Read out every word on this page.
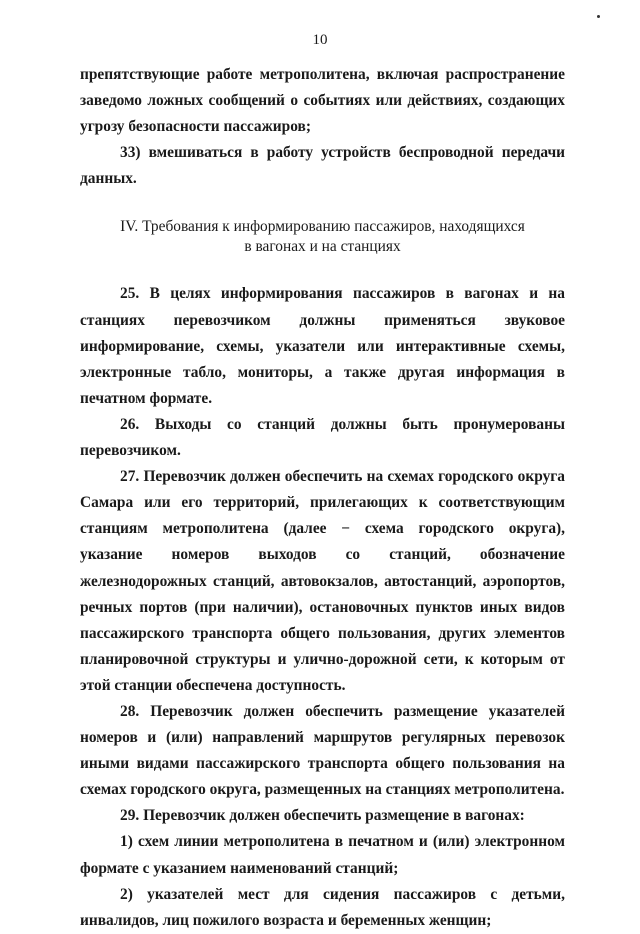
10

препятствующие работе метрополитена, включая распространение заведомо ложных сообщений о событиях или действиях, создающих угрозу безопасности пассажиров;

33) вмешиваться в работу устройств беспроводной передачи данных.

IV. Требования к информированию пассажиров, находящихся
в вагонах и на станциях

25. В целях информирования пассажиров в вагонах и на станциях перевозчиком должны применяться звуковое информирование, схемы, указатели или интерактивные схемы, электронные табло, мониторы, а также другая информация в печатном формате.

26. Выходы со станций должны быть пронумерованы перевозчиком.

27. Перевозчик должен обеспечить на схемах городского округа Самара или его территорий, прилегающих к соответствующим станциям метрополитена (далее − схема городского округа), указание номеров выходов со станций, обозначение железнодорожных станций, автовокзалов, автостанций, аэропортов, речных портов (при наличии), остановочных пунктов иных видов пассажирского транспорта общего пользования, других элементов планировочной структуры и улично-дорожной сети, к которым от этой станции обеспечена доступность.

28. Перевозчик должен обеспечить размещение указателей номеров и (или) направлений маршрутов регулярных перевозок иными видами пассажирского транспорта общего пользования на схемах городского округа, размещенных на станциях метрополитена.

29. Перевозчик должен обеспечить размещение в вагонах:

1) схем линии метрополитена в печатном и (или) электронном формате с указанием наименований станций;

2) указателей мест для сидения пассажиров с детьми, инвалидов, лиц пожилого возраста и беременных женщин;
